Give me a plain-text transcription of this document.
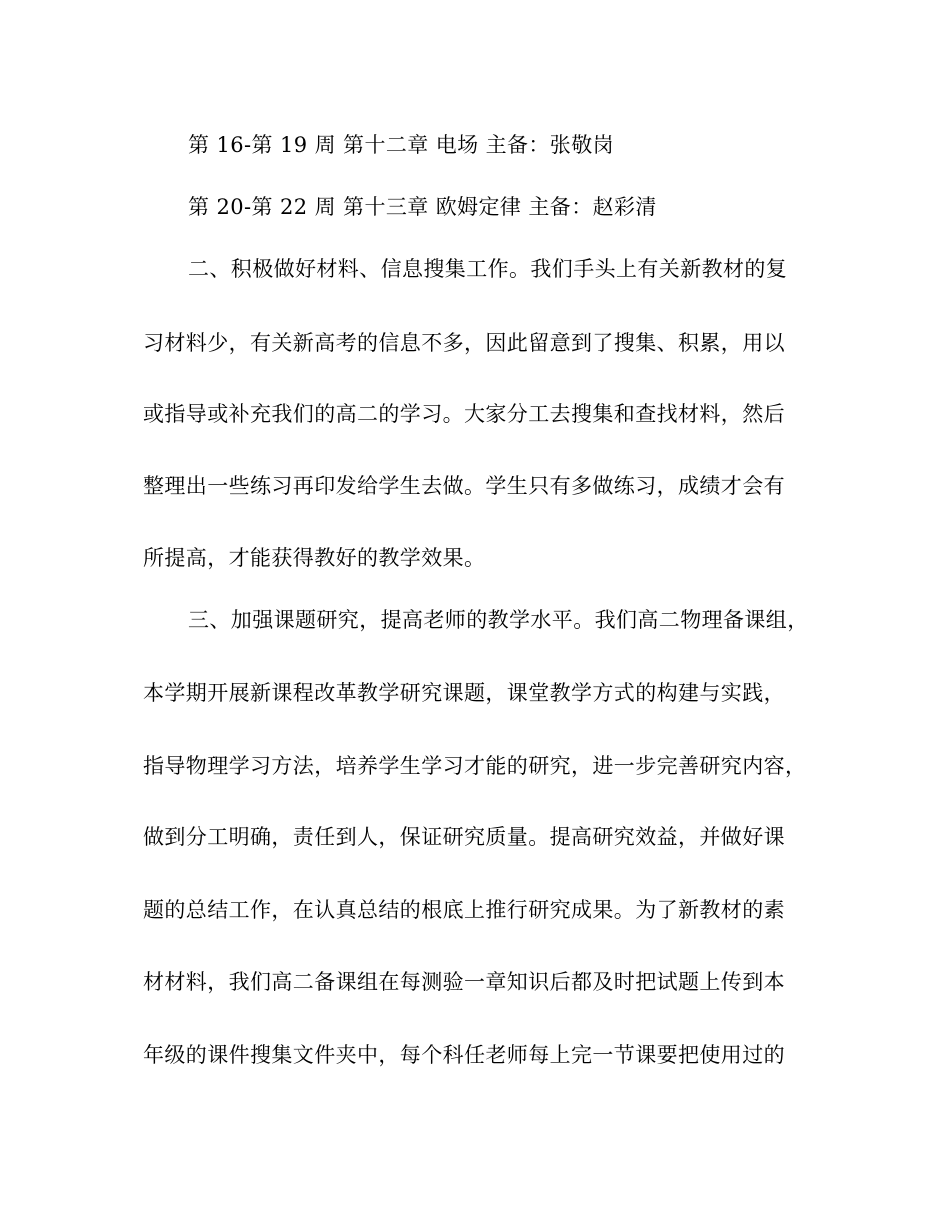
第 16-第 19 周 第十二章 电场 主备：张敬岗
第 20-第 22 周 第十三章 欧姆定律 主备：赵彩清
二、积极做好材料、信息搜集工作。我们手头上有关新教材的复
习材料少，有关新高考的信息不多，因此留意到了搜集、积累，用以
或指导或补充我们的高二的学习。大家分工去搜集和查找材料，然后
整理出一些练习再印发给学生去做。学生只有多做练习，成绩才会有
所提高，才能获得教好的教学效果。
三、加强课题研究，提高老师的教学水平。我们高二物理备课组，
本学期开展新课程改革教学研究课题，课堂教学方式的构建与实践，
指导物理学习方法，培养学生学习才能的研究，进一步完善研究内容，
做到分工明确，责任到人，保证研究质量。提高研究效益，并做好课
题的总结工作，在认真总结的根底上推行研究成果。为了新教材的素
材材料，我们高二备课组在每测验一章知识后都及时把试题上传到本
年级的课件搜集文件夹中，每个科任老师每上完一节课要把使用过的
